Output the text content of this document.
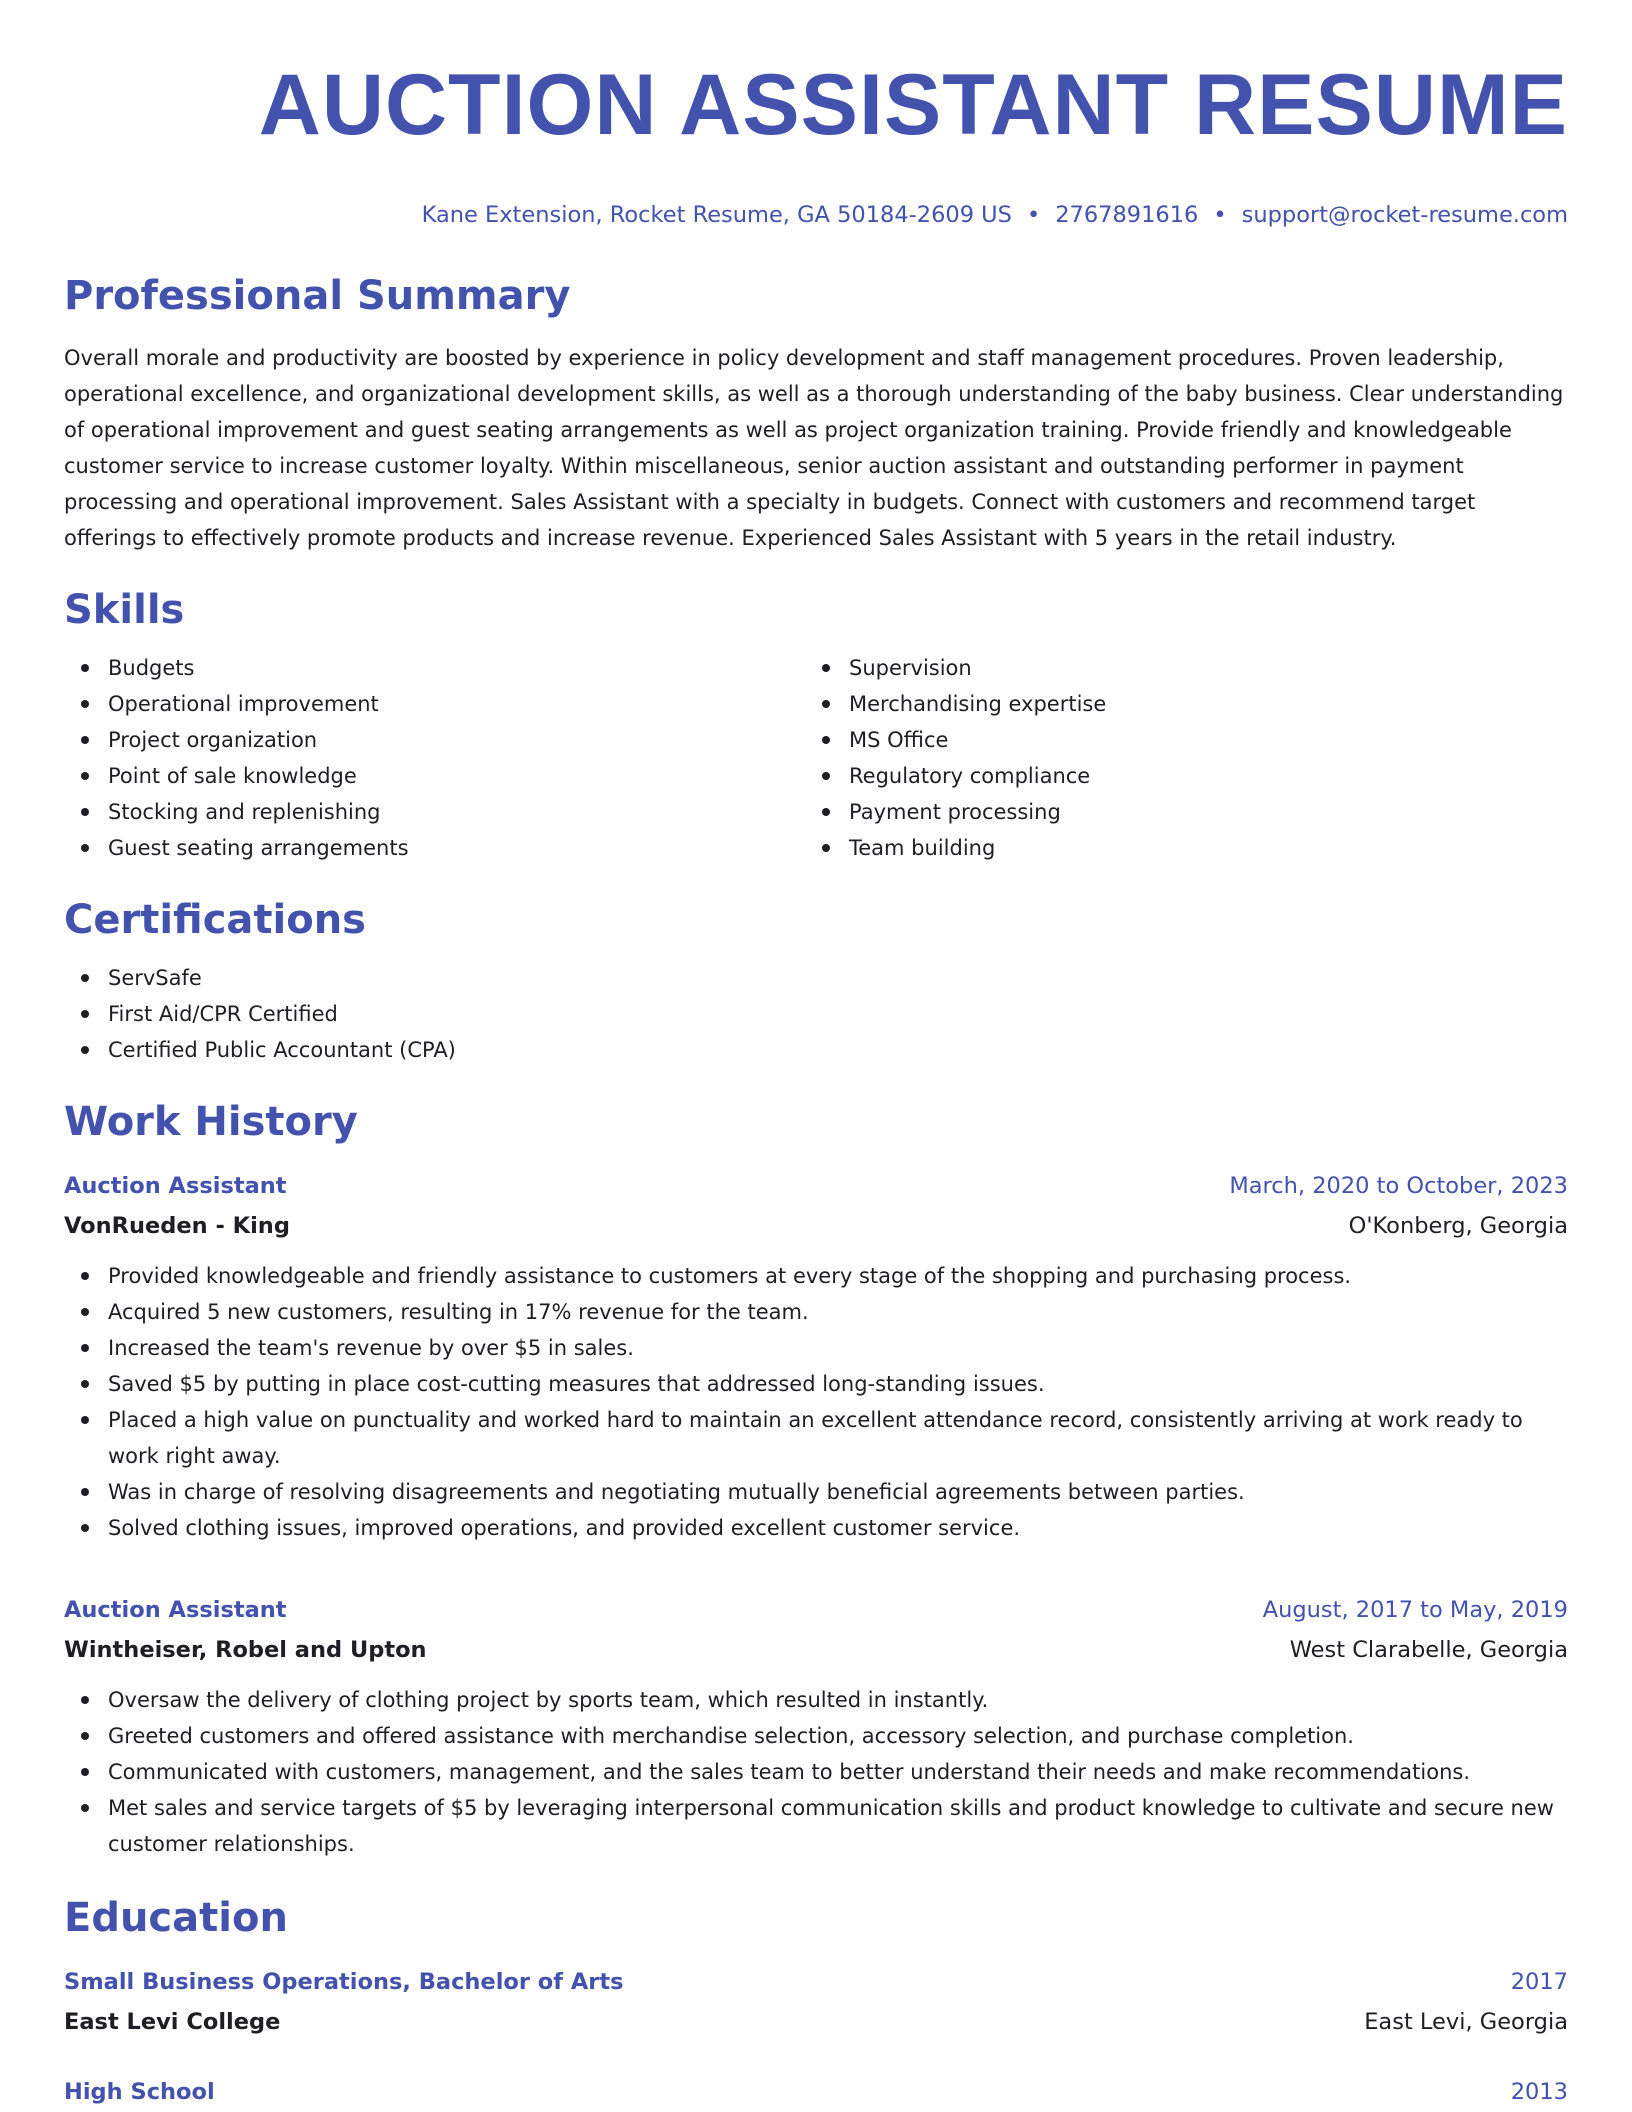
AUCTION ASSISTANT RESUME
Kane Extension, Rocket Resume, GA 50184-2609 US • 2767891616 • support@rocket-resume.com
Professional Summary

Overall morale and productivity are boosted by experience in policy development and staff management procedures. Proven leadership, operational excellence, and organizational development skills, as well as a thorough understanding of the baby business. Clear understanding of operational improvement and guest seating arrangements as well as project organization training. Provide friendly and knowledgeable customer service to increase customer loyalty. Within miscellaneous, senior auction assistant and outstanding performer in payment processing and operational improvement. Sales Assistant with a specialty in budgets. Connect with customers and recommend target offerings to effectively promote products and increase revenue. Experienced Sales Assistant with 5 years in the retail industry.

Skills
Budgets
Operational improvement
Project organization
Point of sale knowledge
Stocking and replenishing
Guest seating arrangements
Supervision
Merchandising expertise
MS Office
Regulatory compliance
Payment processing
Team building
Certifications
ServSafe
First Aid/CPR Certified
Certified Public Accountant (CPA)
Work History
Auction Assistant	March, 2020 to October, 2023
VonRueden - King	O'Konberg, Georgia
Provided knowledgeable and friendly assistance to customers at every stage of the shopping and purchasing process.
Acquired 5 new customers, resulting in 17% revenue for the team.
Increased the team's revenue by over $5 in sales.
Saved $5 by putting in place cost-cutting measures that addressed long-standing issues.
Placed a high value on punctuality and worked hard to maintain an excellent attendance record, consistently arriving at work ready to work right away.
Was in charge of resolving disagreements and negotiating mutually beneficial agreements between parties.
Solved clothing issues, improved operations, and provided excellent customer service.
Auction Assistant	August, 2017 to May, 2019
Wintheiser, Robel and Upton	West Clarabelle, Georgia
Oversaw the delivery of clothing project by sports team, which resulted in instantly.
Greeted customers and offered assistance with merchandise selection, accessory selection, and purchase completion.
Communicated with customers, management, and the sales team to better understand their needs and make recommendations.
Met sales and service targets of $5 by leveraging interpersonal communication skills and product knowledge to cultivate and secure new customer relationships.
Education
Small Business Operations, Bachelor of Arts	2017
East Levi College	East Levi, Georgia
High School	2013
